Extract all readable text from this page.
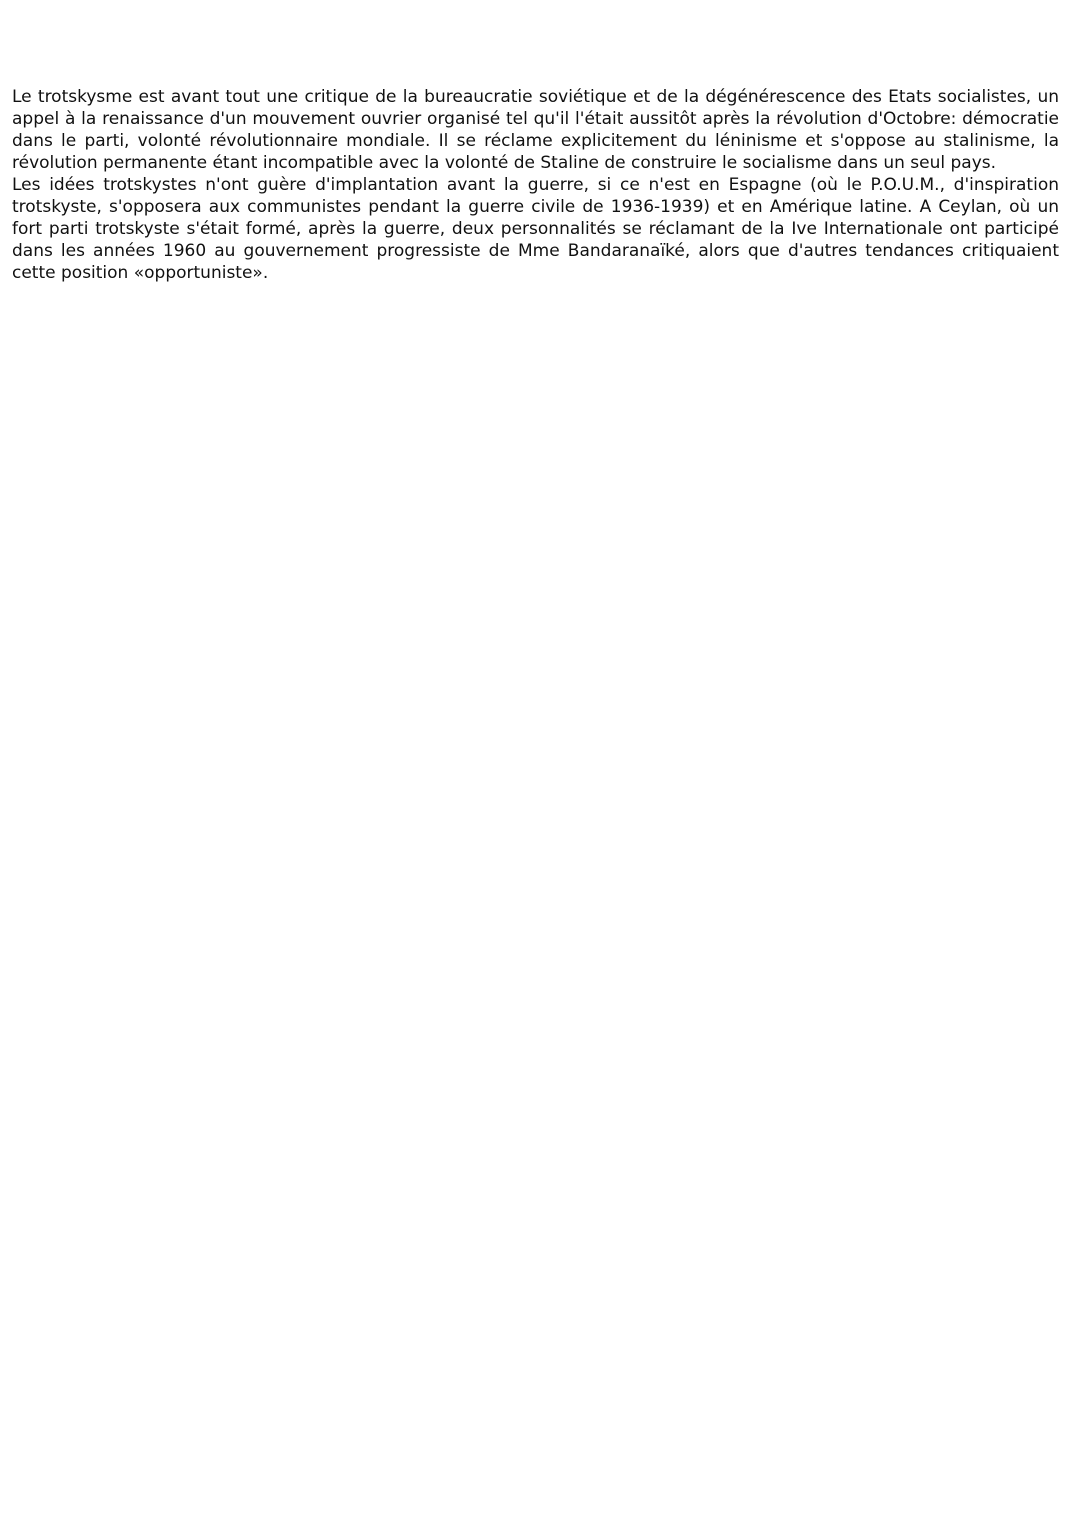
Le trotskysme est avant tout une critique de la bureaucratie soviétique et de la dégénérescence des Etats socialistes, un appel à la renaissance d'un mouvement ouvrier organisé tel qu'il l'était aussitôt après la révolution d'Octobre: démocratie dans le parti, volonté révolutionnaire mondiale. Il se réclame explicitement du léninisme et s'oppose au stalinisme, la révolution permanente étant incompatible avec la volonté de Staline de construire le socialisme dans un seul pays.

Les idées trotskystes n'ont guère d'implantation avant la guerre, si ce n'est en Espagne (où le P.O.U.M., d'inspiration trotskyste, s'opposera aux communistes pendant la guerre civile de 1936-1939) et en Amérique latine. A Ceylan, où un fort parti trotskyste s'était formé, après la guerre, deux personnalités se réclamant de la Ive Internationale ont participé dans les années 1960 au gouvernement progressiste de Mme Bandaranaïké, alors que d'autres tendances critiquaient cette position «opportuniste».
